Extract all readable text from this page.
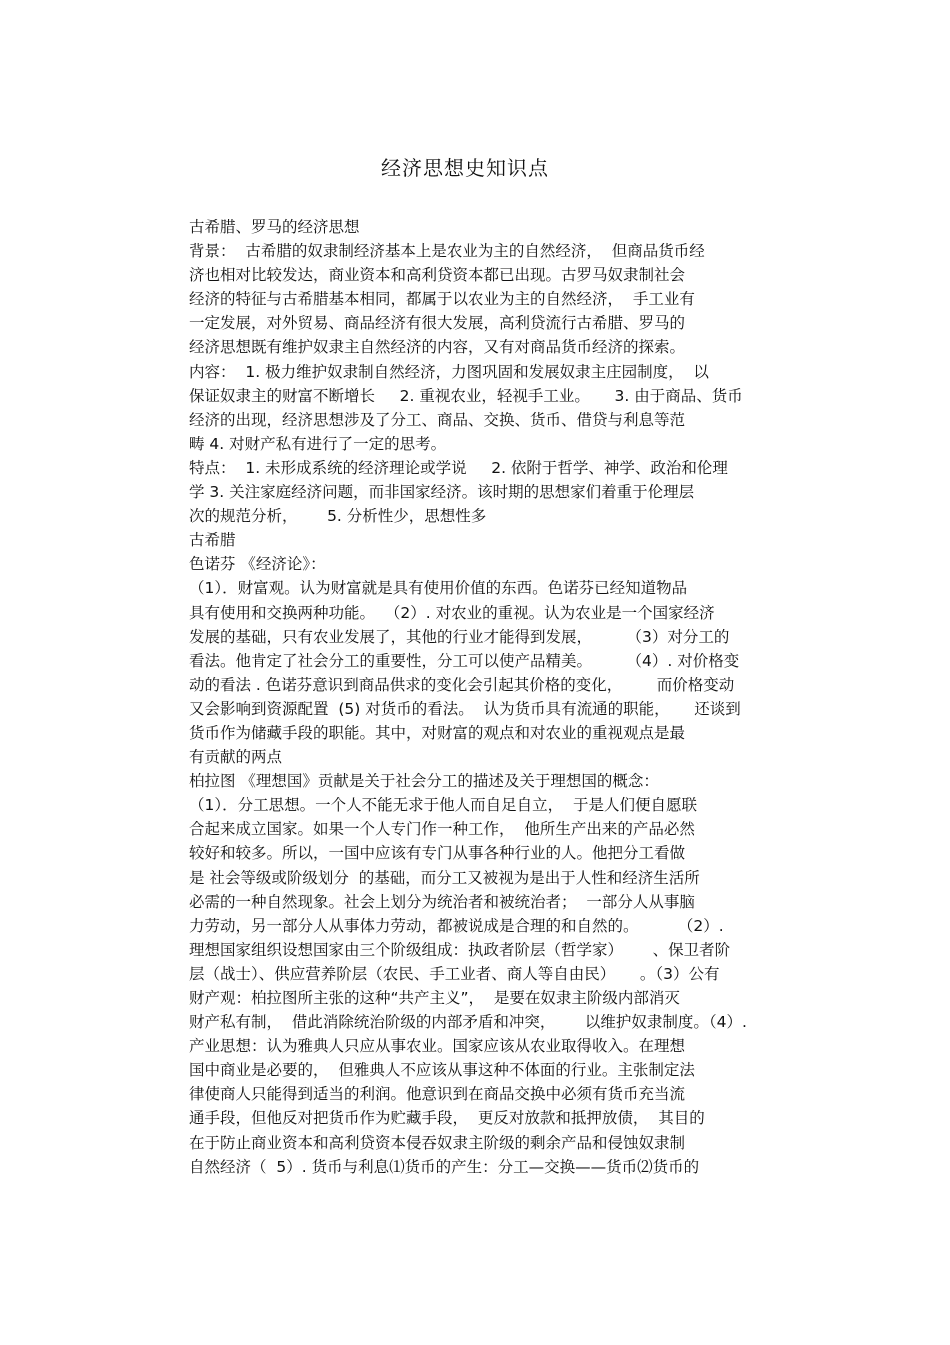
经济思想史知识点

古希腊、罗马的经济思想

背景：  古希腊的奴隶制经济基本上是农业为主的自然经济，  但商品货币经

济也相对比较发达，商业资本和高利贷资本都已出现。古罗马奴隶制社会

经济的特征与古希腊基本相同，都属于以农业为主的自然经济，  手工业有

一定发展，对外贸易、商品经济有很大发展，高利贷流行古希腊、罗马的

经济思想既有维护奴隶主自然经济的内容，又有对商品货币经济的探索。

内容：  1. 极力维护奴隶制自然经济，力图巩固和发展奴隶主庄园制度，  以

保证奴隶主的财富不断增长     2. 重视农业，轻视手工业。     3. 由于商品、货币

经济的出现，经济思想涉及了分工、商品、交换、货币、借贷与利息等范

畴 4. 对财产私有进行了一定的思考。

特点：  1. 未形成系统的经济理论或学说     2. 依附于哲学、神学、政治和伦理

学 3. 关注家庭经济问题，而非国家经济。该时期的思想家们着重于伦理层

次的规范分析，      5. 分析性少，思想性多

古希腊

色诺芬 《经济论》：

（1）．财富观。认为财富就是具有使用价值的东西。色诺芬已经知道物品

具有使用和交换两种功能。  （2）. 对农业的重视。认为农业是一个国家经济

发展的基础，只有农业发展了，其他的行业才能得到发展，       （3）对分工的

看法。他肯定了社会分工的重要性，分工可以使产品精美。       （4）. 对价格变

动的看法 . 色诺芬意识到商品供求的变化会引起其价格的变化，       而价格变动

又会影响到资源配置  (5) 对货币的看法。  认为货币具有流通的职能，     还谈到

货币作为储藏手段的职能。其中，对财富的观点和对农业的重视观点是最

有贡献的两点

柏拉图 《理想国》贡献是关于社会分工的描述及关于理想国的概念：

（1）．分工思想。一个人不能无求于他人而自足自立，  于是人们便自愿联

合起来成立国家。如果一个人专门作一种工作，  他所生产出来的产品必然

较好和较多。所以，一国中应该有专门从事各种行业的人。他把分工看做

是 社会等级或阶级划分  的基础，而分工又被视为是出于人性和经济生活所

必需的一种自然现象。社会上划分为统治者和被统治者；  一部分人从事脑

力劳动，另一部分人从事体力劳动，都被说成是合理的和自然的。        （2）.

理想国家组织设想国家由三个阶级组成：执政者阶层（哲学家）      、保卫者阶

层（战士）、供应营养阶层（农民、手工业者、商人等自由民）     。（3）公有

财产观：柏拉图所主张的这种“共产主义”，  是要在奴隶主阶级内部消灭

财产私有制，  借此消除统治阶级的内部矛盾和冲突，      以维护奴隶制度。（4）.

产业思想：认为雅典人只应从事农业。国家应该从农业取得收入。在理想

国中商业是必要的，  但雅典人不应该从事这种不体面的行业。主张制定法

律使商人只能得到适当的利润。他意识到在商品交换中必须有货币充当流

通手段，但他反对把货币作为贮藏手段，  更反对放款和抵押放债，  其目的

在于防止商业资本和高利贷资本侵吞奴隶主阶级的剩余产品和侵蚀奴隶制

自然经济（  5）. 货币与利息⑴货币的产生：分工—交换——货币⑵货币的
